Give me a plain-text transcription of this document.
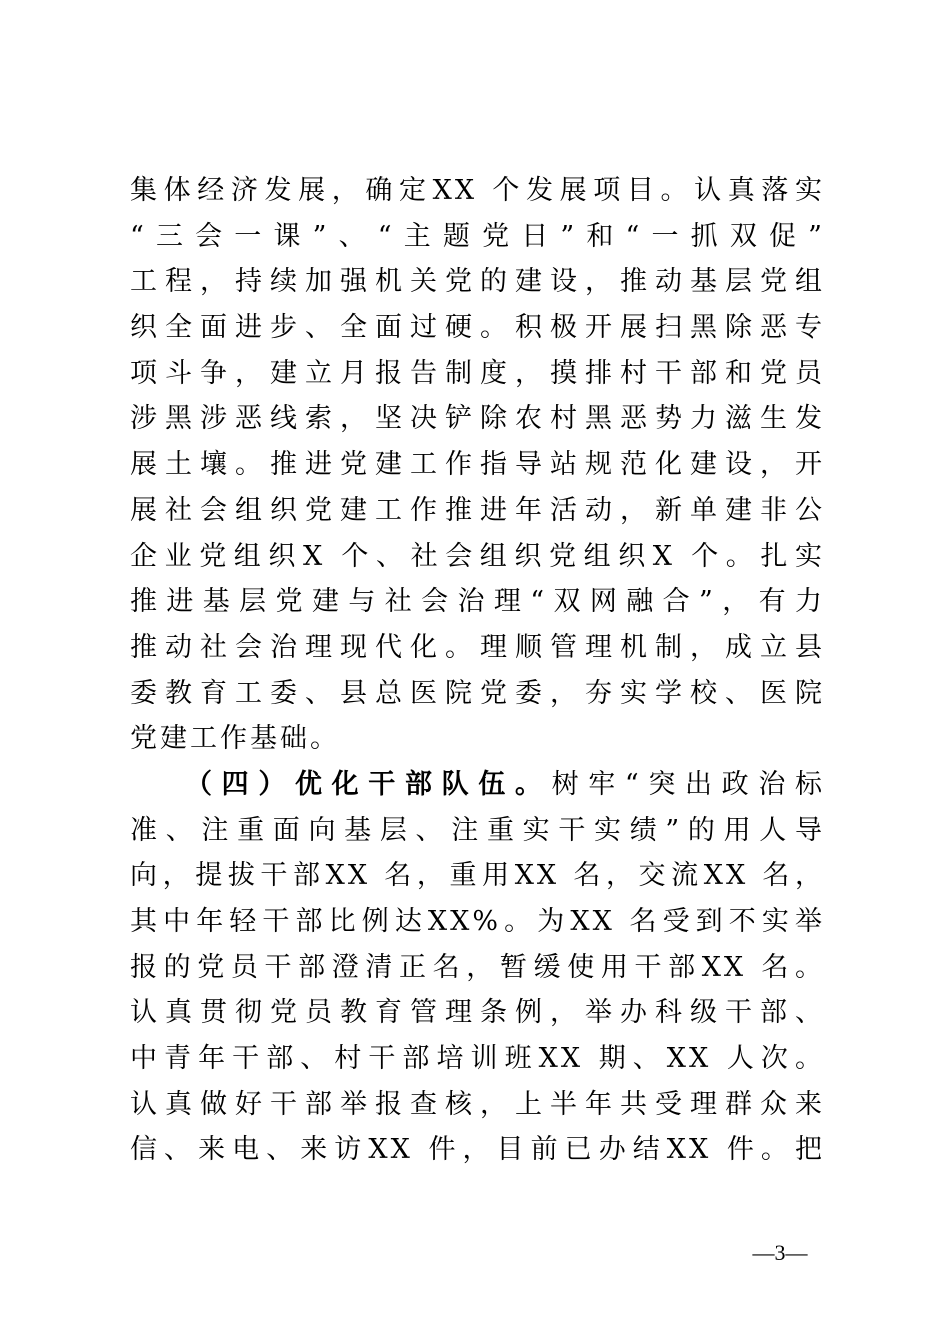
集体经济发展，确定XX 个发展项目。认真落实
“三会一课”、“主题党日”和“一抓双促”
工程，持续加强机关党的建设，推动基层党组
织全面进步、全面过硬。积极开展扫黑除恶专
项斗争，建立月报告制度，摸排村干部和党员
涉黑涉恶线索，坚决铲除农村黑恶势力滋生发
展土壤。推进党建工作指导站规范化建设，开
展社会组织党建工作推进年活动，新单建非公
企业党组织X 个、社会组织党组织X 个。扎实
推进基层党建与社会治理“双网融合”，有力
推动社会治理现代化。理顺管理机制，成立县
委教育工委、县总医院党委，夯实学校、医院
党建工作基础。
（四）优化干部队伍。树牢“突出政治标
准、注重面向基层、注重实干实绩”的用人导
向，提拔干部XX 名，重用XX 名，交流XX 名，
其中年轻干部比例达XX%。为XX 名受到不实举
报的党员干部澄清正名，暂缓使用干部XX 名。
认真贯彻党员教育管理条例，举办科级干部、
中青年干部、村干部培训班XX 期、XX 人次。
认真做好干部举报查核，上半年共受理群众来
信、来电、来访XX 件，目前已办结XX 件。把
—3—
